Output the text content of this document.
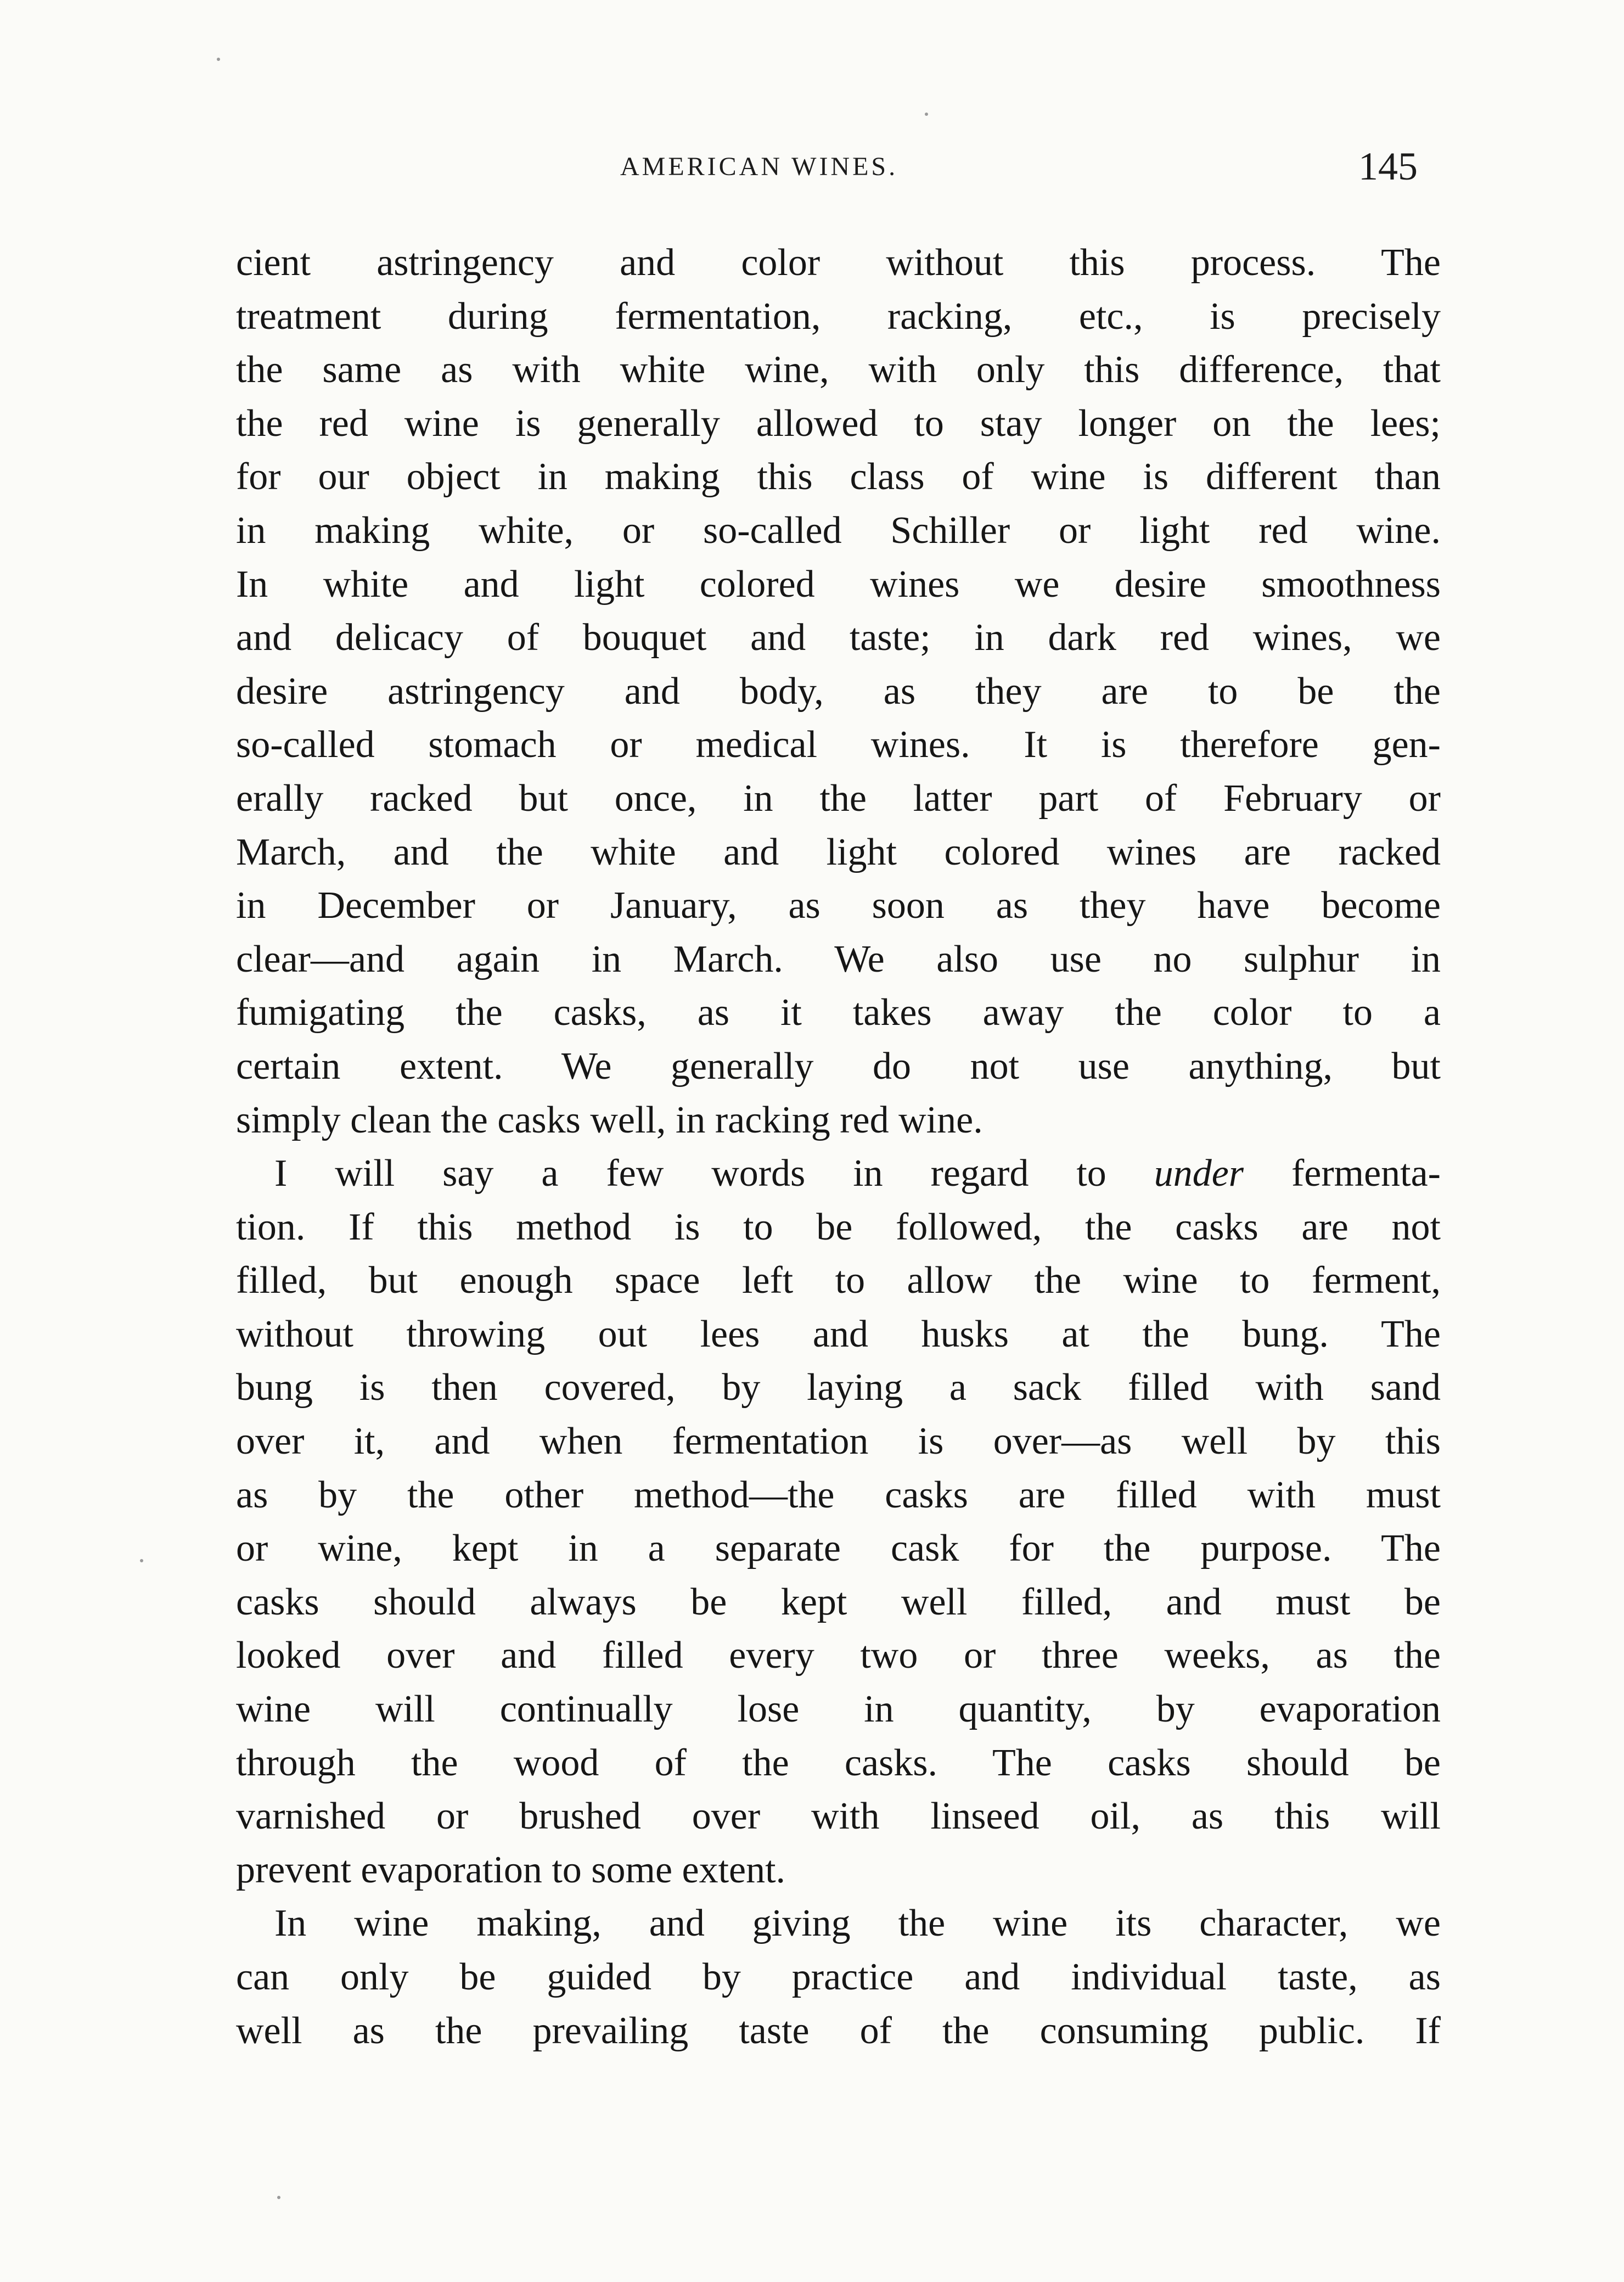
AMERICAN WINES.	145

cient astringency and color without this process. The
treatment during fermentation, racking, etc., is precisely
the same as with white wine, with only this difference, that
the red wine is generally allowed to stay longer on the lees;
for our object in making this class of wine is different than
in making white, or so-called Schiller or light red wine.
In white and light colored wines we desire smoothness
and delicacy of bouquet and taste; in dark red wines, we
desire astringency and body, as they are to be the
so-called stomach or medical wines. It is therefore gen-
erally racked but once, in the latter part of February or
March, and the white and light colored wines are racked
in December or January, as soon as they have become
clear—and again in March. We also use no sulphur in
fumigating the casks, as it takes away the color to a
certain extent. We generally do not use anything, but
simply clean the casks well, in racking red wine.

I will say a few words in regard to under fermenta-
tion. If this method is to be followed, the casks are not
filled, but enough space left to allow the wine to ferment,
without throwing out lees and husks at the bung. The
bung is then covered, by laying a sack filled with sand
over it, and when fermentation is over—as well by this
as by the other method—the casks are filled with must
or wine, kept in a separate cask for the purpose. The
casks should always be kept well filled, and must be
looked over and filled every two or three weeks, as the
wine will continually lose in quantity, by evaporation
through the wood of the casks. The casks should be
varnished or brushed over with linseed oil, as this will
prevent evaporation to some extent.

In wine making, and giving the wine its character, we
can only be guided by practice and individual taste, as
well as the prevailing taste of the consuming public. If
